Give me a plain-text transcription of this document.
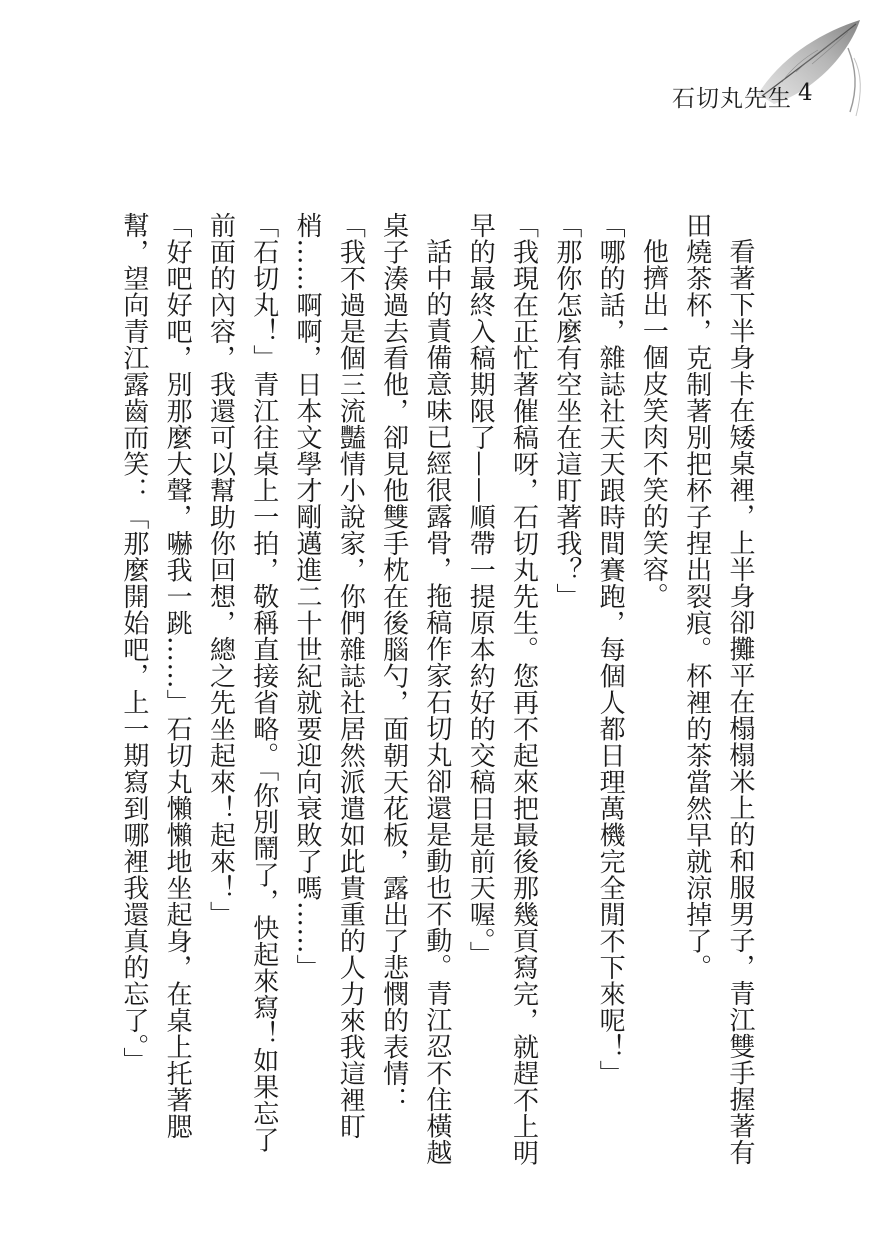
石切丸先生 4

看著下半身卡在矮桌裡，上半身卻攤平在榻榻米上的和服男子，青江雙手握著有田燒茶杯，克制著別把杯子捏出裂痕。杯裡的茶當然早就涼掉了。

他擠出一個皮笑肉不笑的笑容。

「哪的話，雜誌社天天跟時間賽跑，每個人都日理萬機完全閒不下來呢！」

「那你怎麼有空坐在這盯著我？」

「我現在正忙著催稿呀，石切丸先生。您再不起來把最後那幾頁寫完，就趕不上明早的最終入稿期限了——順帶一提原本約好的交稿日是前天喔。」

話中的責備意味已經很露骨，拖稿作家石切丸卻還是動也不動。青江忍不住橫越桌子湊過去看他，卻見他雙手枕在後腦勺，面朝天花板，露出了悲憫的表情：

「我不過是個三流豔情小說家，你們雜誌社居然派遣如此貴重的人力來我這裡盯梢……啊啊，日本文學才剛邁進二十世紀就要迎向衰敗了嗎……」

「石切丸！」青江往桌上一拍，敬稱直接省略。「你別鬧了，快起來寫！如果忘了前面的內容，我還可以幫助你回想，總之先坐起來！起來！」

「好吧好吧，別那麼大聲，嚇我一跳……」石切丸懶懶地坐起身，在桌上托著腮幫，望向青江露齒而笑：「那麼開始吧，上一期寫到哪裡我還真的忘了。」
